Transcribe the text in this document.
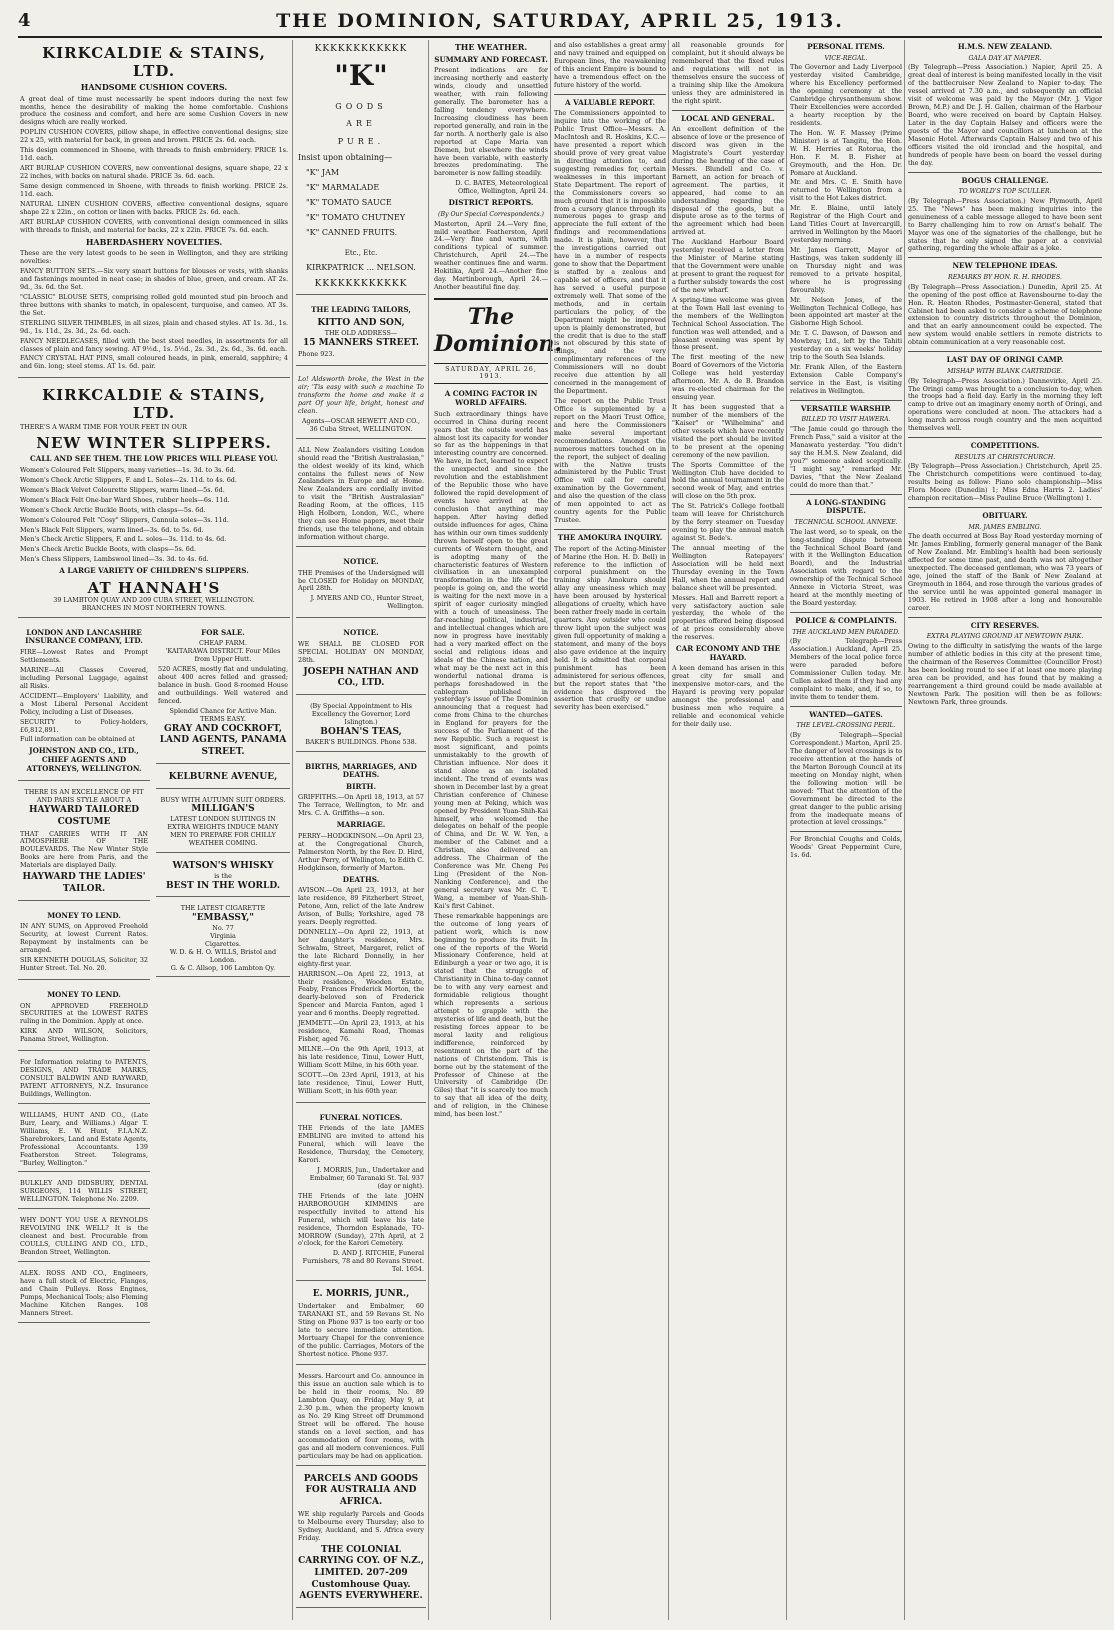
4	THE DOMINION, SATURDAY, APRIL 25, 1913.
KIRKCALDIE & STAINS, LTD.
HANDSOME CUSHION COVERS.
A great deal of time must necessarily be spent indoors during the next few months, hence the desirability of making the home comfortable. Cushions produce the cosiness and comfort, and here are some Cushion Covers in new designs which are really worked.
POPLIN CUSHION COVERS, pillow shape, in effective conventional designs; size 22 x 25, with material for back, in green and brown. PRICE 2s. 6d. each.
This design commenced in Shoene, with threads to finish embroidery. PRICE 1s. 11d. each.
ART BURLAP CUSHION COVERS, new conventional designs, square shape, 22 x 22 inches, with backs on natural shade. PRICE 3s. 6d. each.
Same design commenced in Shoene, with threads to finish working. PRICE 2s. 11d. each.
NATURAL LINEN CUSHION COVERS, effective conventional designs, square shape 22 x 22in., on cotton or linen with backs. PRICE 2s. 6d. each.
ART BURLAP CUSHION COVERS, with conventional design commenced in silks with threads to finish, and material for backs, 22 x 22in. PRICE 7s. 6d. each.
HABERDASHERY NOVELTIES.
These are the very latest goods to be seen in Wellington, and they are striking novelties:
FANCY BUTTON SETS.—Six very smart buttons for blouses or vests, with shanks and fastenings mounted in neat case; in shades of blue, green, and cream. AT 2s. 9d., 3s. 6d. the Set.
"CLASSIC" BLOUSE SETS, comprising rolled gold mounted stud pin brooch and three buttons with shanks to match, in opalescent, turquoise, and cameo. AT 3s. the Set.
STERLING SILVER THIMBLES, in all sizes, plain and chased styles. AT 1s. 3d., 1s. 9d., 1s. 11d., 2s. 3d., 2s. 6d. each.
FANCY NEEDLECASES, filled with the best steel needles, in assortments for all classes of plain and fancy sewing. AT 9½d., 1s. 5½d., 2s. 3d., 2s. 6d., 3s. 6d. each.
FANCY CRYSTAL HAT PINS, small coloured heads, in pink, emerald, sapphire; 4 and 6in. long; steel stems. AT 1s. 6d. pair.
KIRKCALDIE & STAINS, LTD.
THERE'S A WARM TIME FOR YOUR FEET IN OUR
NEW WINTER SLIPPERS.
CALL AND SEE THEM. THE LOW PRICES WILL PLEASE YOU.
Women's Coloured Felt Slippers, many varieties—1s. 3d. to 3s. 6d.
Women's Check Arctic Slippers, F. and L. Soles—2s. 11d. to 4s. 6d.
Women's Black Velvet Colourette Slippers, warm lined—5s. 6d.
Women's Black Felt One-bar Ward Shoes, rubber heels—6s. 11d.
Women's Check Arctic Buckle Boots, with clasps—5s. 6d.
Women's Coloured Felt "Cosy" Slippers, Cannula soles—3s. 11d.
Men's Black Felt Slippers, warm lined—3s. 6d. to 5s. 6d.
Men's Check Arctic Slippers, F. and L. soles—3s. 11d. to 4s. 6d.
Men's Check Arctic Buckle Boots, with clasps—5s. 6d.
Men's Chess Slippers, Lambswool lined—3s. 3d. to 4s. 6d.
A LARGE VARIETY OF CHILDREN'S SLIPPERS.
AT HANNAH'S
39 LAMBTON QUAY AND 209 CUBA STREET, WELLINGTON.
BRANCHES IN MOST NORTHERN TOWNS.
LONDON AND LANCASHIRE INSURANCE COMPANY, LTD.
FIRE—Lowest Rates and Prompt Settlements.
MARINE—All Classes Covered, including Personal Luggage, against all Risks.
ACCIDENT—Employers' Liability, and a Most Liberal Personal Accident Policy, including a List of Diseases.
SECURITY to Policy-holders, £6,812,891.
Full information can be obtained at
JOHNSTON AND CO., LTD., CHIEF AGENTS AND ATTORNEYS, WELLINGTON.
THERE IS AN EXCELLENCE OF FIT AND PARIS STYLE ABOUT A
HAYWARD TAILORED COSTUME
THAT CARRIES WITH IT AN ATMOSPHERE OF THE BOULEVARDS. The New Winter Style Books are here from Paris, and the Materials are displayed Daily.
HAYWARD THE LADIES' TAILOR.
MONEY TO LEND.
IN ANY SUMS, on Approved Freehold Security, at lowest Current Rates. Repayment by instalments can be arranged.
SIR KENNETH DOUGLAS, Solicitor, 32 Hunter Street. Tel. No. 20.
MONEY TO LEND.
ON APPROVED FREEHOLD SECURITIES at the LOWEST RATES ruling in the Dominion. Apply at once.
KIRK AND WILSON, Solicitors, Panama Street, Wellington.
For Information relating to PATENTS, DESIGNS, AND TRADE MARKS, CONSULT BALDWIN AND RAYWARD, PATENT ATTORNEYS, N.Z. Insurance Buildings, Wellington.
WILLIAMS, HUNT AND CO., (Late Burr, Leary, and Williams.) Algar T. Williams, E. W. Hunt, F.I.A.N.Z. Sharebrokers, Land and Estate Agents, Professional Accountants. 139 Featherston Street. Telegrams, "Burley, Wellington."
BULKLEY AND DIDSBURY, DENTAL SURGEONS, 114 WILLIS STREET, WELLINGTON. Telephone No. 2209.
WHY DON'T YOU USE A REYNOLDS REVOLVING INK WELL? It is the cleanest and best. Procurable from COULLS, CULLING AND CO., LTD., Brandon Street, Wellington.
ALEX. ROSS AND CO., Engineers, have a full stock of Electric, Flanges, and Chain Pulleys. Ross Engines, Pumps, Mechanical Tools; also Fleming Machine Kitchen Ranges. 108 Manners Street.
FOR SALE.
CHEAP FARM.
'KAITARAWA DISTRICT. Four Miles from Upper Hutt.
520 ACRES, mostly flat and undulating, about 400 acres felled and grassed; balance in bush. Good 8-roomed House and outbuildings. Well watered and fenced.
Splendid Chance for Active Man.
TERMS EASY.
GRAY AND COCKROFT, LAND AGENTS, PANAMA STREET.
KELBURNE AVENUE,
BUSY WITH AUTUMN SUIT ORDERS.
MILLIGAN'S
LATEST LONDON SUITINGS IN
EXTRA WEIGHTS INDUCE MANY
MEN TO PREPARE FOR CHILLY
WEATHER COMING.
WATSON'S WHISKY
is the
BEST IN THE WORLD.
THE LATEST CIGARETTE
"EMBASSY,"
No. 77
Virginia
Cigarettes.
W. D. & H. O. WILLS, Bristol and London.
G. & C. Allsop, 106 Lambton Qy.
KKKKKKKKKKKK
"K"
GOODS
ARE
PURE.
Insist upon obtaining—
"K" JAM
"K" MARMALADE
"K" TOMATO SAUCE
"K" TOMATO CHUTNEY
"K" CANNED FRUITS.
Etc., Etc.
KIRKPATRICK ... NELSON.
KKKKKKKKKKKK
THE LEADING TAILORS,
KITTO AND SON,
THE OLD ADDRESS—
15 MANNERS STREET.
Phone 923.
Lo! Aldsworth broke, the West in the air; 'Tis easy with such a machine To transform the home and make it a part Of your life, bright, honest and clean.
Agents—OSCAR HEWETT AND CO., 36 Cuba Street, WELLINGTON.
ALL New Zealanders visiting London should read the "British Australasian," the oldest weekly of its kind, which contains the fullest news of New Zealanders in Europe and at Home. New Zealanders are cordially invited to visit the "British Australasian" Reading Room, at the offices, 115 High Holborn, London, W.C., where they can see Home papers, meet their friends, use the telephone, and obtain information without charge.
NOTICE.
THE Premises of the Undersigned will be CLOSED for Holiday on MONDAY, April 28th.
J. MYERS AND CO., Hunter Street, Wellington.
NOTICE.
WE SHALL BE CLOSED FOR SPECIAL HOLIDAY ON MONDAY, 28th.
JOSEPH NATHAN AND CO., LTD.
(By Special Appointment to His Excellency the Governor, Lord Islington.)
BOHAN'S TEAS,
BAKER'S BUILDINGS. Phone 538.
BIRTHS, MARRIAGES, AND DEATHS.
BIRTH.
GRIFFITHS.—On April 18, 1913, at 57 The Terrace, Wellington, to Mr. and Mrs. C. A. Griffiths—a son.
MARRIAGE.
PERRY—HODGKINSON.—On April 23, at the Congregational Church, Palmerston North, by the Rev. D. Hird, Arthur Perry, of Wellington, to Edith C. Hodgkinson, formerly of Marton.
DEATHS.
AVISON.—On April 23, 1913, at her late residence, 89 Fitzherbert Street, Petone, Ann, relict of the late Andrew Avison, of Bulls; Yorkshire, aged 78 years. Deeply regretted.
DONNELLY.—On April 22, 1913, at her daughter's residence, Mrs. Schwalm, Street, Margaret, relict of the late Richard Donnelly, in her eighty-first year.
HARRISON.—On April 22, 1913, at their residence, Wooden Estate, Feaby, Frances Frederick Morton, the dearly-beloved son of Frederick Spencer and Marcia Fanton, aged 1 year and 6 months. Deeply regretted.
JEMMETT.—On April 23, 1913, at his residence, Kamahi Road, Thomas Fisher, aged 76.
MILNE.—On the 9th April, 1913, at his late residence, Tinui, Lower Hutt, William Scott Milne, in his 60th year.
SCOTT.—On 23rd April, 1913, at his late residence, Tinui, Lower Hutt, William Scott, in his 60th year.
FUNERAL NOTICES.
THE Friends of the late JAMES EMBLING are invited to attend his Funeral, which will leave the Residence, Thursday, the Cemetery, Karori.
J. MORRIS, Jun., Undertaker and Embalmer, 60 Taranaki St. Tel. 937 (day or night).
THE Friends of the late JOHN HARBOROUGH KIMMINS are respectfully invited to attend his Funeral, which will leave his late residence, Thorndon Esplanade, TO-MORROW (Sunday), 27th April, at 2 o'clock, for the Karori Cemetery.
D. AND J. RITCHIE, Funeral Furnishers, 78 and 80 Revans Street. Tel. 1654.
E. MORRIS, JUNR.,
Undertaker and Embalmer, 60 TARANAKI ST., and 59 Revans St. No Sting on Phone 937 is too early or too late to secure immediate attention. Mortuary Chapel for the convenience of the public. Carriages, Motors of the Shortest notice. Phone 937.
Messrs. Harcourt and Co. announce in this issue an auction sale which is to be held in their rooms, No. 89 Lambton Quay, on Friday, May 9, at 2.30 p.m., when the property known as No. 29 King Street off Drummond Street will be offered. The house stands on a level section, and has accommodation of four rooms, with gas and all modern conveniences. Full particulars may be had on application.
PARCELS AND GOODS FOR AUSTRALIA AND AFRICA.
WE ship regularly Parcels and Goods to Melbourne every Thursday; also to Sydney, Auckland, and S. Africa every Friday.
THE COLONIAL CARRYING COY. OF N.Z., LIMITED. 207-209 Customhouse Quay. AGENTS EVERYWHERE.
THE WEATHER.
SUMMARY AND FORECAST.
Present indications are for increasing northerly and easterly winds, cloudy and unsettled weather, with rain following generally. The barometer has a falling tendency everywhere. Increasing cloudiness has been reported generally, and rain in the far north. A northerly gale is also reported at Cape Maria van Diemen, but elsewhere the winds have been variable, with easterly breezes predominating. The barometer is now falling steadily.
D. C. BATES, Meteorological Office, Wellington, April 24.
DISTRICT REPORTS.
(By Our Special Correspondents.)
Masterton, April 24.—Very fine, mild weather. Featherston, April 24.—Very fine and warm, with conditions typical of summer. Christchurch, April 24.—The weather continues fine and warm. Hokitika, April 24.—Another fine day. Martinborough, April 24.—Another beautiful fine day.
The Dominion.
SATURDAY, APRIL 26, 1913.
A COMING FACTOR IN WORLD AFFAIRS.
Such extraordinary things have occurred in China during recent years that the outside world has almost lost its capacity for wonder so far as the happenings in that interesting country are concerned. We have, in fact, learned to expect the unexpected and since the revolution and the establishment of the Republic those who have followed the rapid development of events have arrived at the conclusion that anything may happen. After having defied outside influences for ages, China has within our own times suddenly thrown herself open to the great currents of Western thought, and is adopting many of the characteristic features of Western civilisation in an unexampled transformation in the life of the people is going on, and the world is waiting for the next move in a spirit of eager curiosity mingled with a touch of uneasiness. The far-reaching political, industrial, and intellectual changes which are now in progress have inevitably had a very marked effect on the social and religious ideas and ideals of the Chinese nation, and what may be the next act in this wonderful national drama is perhaps foreshadowed in the cablegram published in yesterday's issue of The Dominion announcing that a request had come from China to the churches in England for prayers for the success of the Parliament of the new Republic. Such a request is most significant, and points unmistakably to the growth of Christian influence. Nor does it stand alone as an isolated incident. The trend of events was shown in December last by a great Christian conference of Chinese young men at Peking, which was opened by President Yuan-Shih-Kai himself, who welcomed the delegates on behalf of the people of China, and Dr. W. W. Yen, a member of the Cabinet and a Christian, also delivered an address. The Chairman of the Conference was Mr. Cheng Pei Ling (President of the Non-Nanking Conference), and the general secretary was Mr. C. T. Wang, a member of Yuan-Shih-Kai's first Cabinet.
These remarkable happenings are the outcome of long years of patient work, which is now beginning to produce its fruit. In one of the reports of the World Missionary Conference, held at Edinburgh a year or two ago, it is stated that the struggle of Christianity in China to-day cannot be to with any very earnest and formidable religious thought which represents a serious attempt to grapple with the mysteries of life and death, but the resisting forces appear to be moral laxity and religious indifference, reinforced by resentment on the part of the nations of Christendom. This is borne out by the statement of the Professor of Chinese at the University of Cambridge (Dr. Giles) that "it is scarcely too much to say that all idea of the deity, and of religion, in the Chinese mind, has been lost."
and also establishes a great army and navy trained and equipped on European lines, the reawakening of this ancient Empire is bound to have a tremendous effect on the future history of the world.
A VALUABLE REPORT.
The Commissioners appointed to inquire into the working of the Public Trust Office—Messrs. A. MacIntosh and R. Hoskins, K.C.—have presented a report which should prove of very great value in directing attention to, and suggesting remedies for, certain weaknesses in this important State Department. The report of the Commissioners covers so much ground that it is impossible from a cursory glance through its numerous pages to grasp and appreciate the full extent of the findings and recommendations made. It is plain, however, that the investigations carried out have in a number of respects gone to show that the Department is staffed by a zealous and capable set of officers, and that it has served a useful purpose extremely well. That some of the methods, and in certain particulars the policy, of the Department might be improved upon is plainly demonstrated, but the credit that is due to the staff is not obscured by this state of things, and the very complimentary references of the Commissioners will no doubt receive due attention by all concerned in the management of the Department.
The report on the Public Trust Office is supplemented by a report on the Maori Trust Office, and here the Commissioners make several important recommendations. Amongst the numerous matters touched on in the report, the subject of dealing with the Native trusts administered by the Public Trust Office will call for careful examination by the Government, and also the question of the class of men appointed to act as country agents for the Public Trustee.
THE AMOKURA INQUIRY.
The report of the Acting-Minister of Marine (the Hon. H. D. Bell) in reference to the infliction of corporal punishment on the training ship Amokura should allay any uneasiness which may have been aroused by hysterical allegations of cruelty, which have been rather freely made in certain quarters. Any outsider who could throw light upon the subject was given full opportunity of making a statement, and many of the boys also gave evidence at the inquiry held. It is admitted that corporal punishment has been administered for serious offences, but the report states that "the evidence has disproved the assertion that cruelty or undue severity has been exercised."
all reasonable grounds for complaint, but it should always be remembered that the fixed rules and regulations will not in themselves ensure the success of a training ship like the Amokura unless they are administered in the right spirit.
LOCAL AND GENERAL.
An excellent definition of the absence of love or the presence of discord was given in the Magistrate's Court yesterday during the hearing of the case of Messrs. Blundell and Co. v. Barnett, an action for breach of agreement. The parties, it appeared, had come to an understanding regarding the disposal of the goods, but a dispute arose as to the terms of the agreement which had been arrived at.
The Auckland Harbour Board yesterday received a letter from the Minister of Marine stating that the Government were unable at present to grant the request for a further subsidy towards the cost of the new wharf.
A spring-time welcome was given at the Town Hall last evening to the members of the Wellington Technical School Association. The function was well attended, and a pleasant evening was spent by those present.
The first meeting of the new Board of Governors of the Victoria College was held yesterday afternoon. Mr. A. de B. Brandon was re-elected chairman for the ensuing year.
It has been suggested that a number of the members of the "Kaiser" or "Wilhelmina" and other vessels which have recently visited the port should be invited to be present at the opening ceremony of the new pavilion.
The Sports Committee of the Wellington Club have decided to hold the annual tournament in the second week of May, and entries will close on the 5th prox.
The St. Patrick's College football team will leave for Christchurch by the ferry steamer on Tuesday evening to play the annual match against St. Bede's.
The annual meeting of the Wellington Ratepayers' Association will be held next Thursday evening in the Town Hall, when the annual report and balance sheet will be presented.
Messrs. Hall and Barrett report a very satisfactory auction sale yesterday, the whole of the properties offered being disposed of at prices considerably above the reserves.
CAR ECONOMY AND THE HAYARD.
A keen demand has arisen in this great city for small and inexpensive motor-cars, and the Hayard is proving very popular amongst the professional and business men who require a reliable and economical vehicle for their daily use.
PERSONAL ITEMS.
VICE-REGAL.
The Governor and Lady Liverpool yesterday visited Cambridge, where his Excellency performed the opening ceremony at the Cambridge chrysanthemum show. Their Excellencies were accorded a hearty reception by the residents.
The Hon. W. F. Massey (Prime Minister) is at Tangitu, the Hon. W. H. Herries at Rotorua, the Hon. F. M. B. Fisher at Greymouth, and the Hon. Dr. Pomare at Auckland.
Mr. and Mrs. C. E. Smith have returned to Wellington from a visit to the Hot Lakes district.
Mr. E. Blaine, until lately Registrar of the High Court and Land Titles Court at Invercargill, arrived in Wellington by the Maori yesterday morning.
Mr. James Garrett, Mayor of Hastings, was taken suddenly ill on Thursday night and was removed to a private hospital, where he is progressing favourably.
Mr. Nelson Jones, of the Wellington Technical College, has been appointed art master at the Gisborne High School.
Mr. T. C. Dawson, of Dawson and Mowbray, Ltd., left by the Tahiti yesterday on a six weeks' holiday trip to the South Sea Islands.
Mr. Frank Allen, of the Eastern Extension Cable Company's service in the East, is visiting relatives in Wellington.
VERSATILE WARSHIP.
BILLED TO VISIT HAWERA.
"The Jamie could go through the French Pass," said a visitor at the Manawatu yesterday. "You didn't say the H.M.S. New Zealand, did you?" someone asked sceptically. "I might say," remarked Mr. Davies, "that the New Zealand could do more than that."
A LONG-STANDING DISPUTE.
TECHNICAL SCHOOL ANNEXE.
The last word, so to speak, on the long-standing dispute between the Technical School Board (and with it the Wellington Education Board), and the Industrial Association with regard to the ownership of the Technical School Annexe in Victoria Street, was heard at the monthly meeting of the Board yesterday.
POLICE & COMPLAINTS.
THE AUCKLAND MEN PARADED.
(By Telegraph—Press Association.) Auckland, April 25. Members of the local police force were paraded before Commissioner Cullen today. Mr. Cullen asked them if they had any complaint to make, and, if so, to invite them to tender them.
WANTED—GATES.
THE LEVEL-CROSSING PERIL.
(By Telegraph—Special Correspondent.) Marton, April 25. The danger of level crossings is to receive attention at the hands of the Marton Borough Council at its meeting on Monday night, when the following motion will be moved: "That the attention of the Government be directed to the great danger to the public arising from the inadequate means of protection at level crossings."
For Bronchial Coughs and Colds, Woods' Great Peppermint Cure, 1s. 6d.
H.M.S. NEW ZEALAND.
GALA DAY AT NAPIER.
(By Telegraph—Press Association.) Napier, April 25. A great deal of interest is being manifested locally in the visit of the battlecruiser New Zealand to Napier to-day. The vessel arrived at 7.30 a.m., and subsequently an official visit of welcome was paid by the Mayor (Mr. J. Vigor Brown, M.P.) and Dr. J. H. Gallen, chairman of the Harbour Board, who were received on board by Captain Halsey. Later in the day Captain Halsey and officers were the guests of the Mayor and councillors at luncheon at the Masonic Hotel. Afterwards Captain Halsey and two of his officers visited the old ironclad and the hospital, and hundreds of people have been on board the vessel during the day.
BOGUS CHALLENGE.
TO WORLD'S TOP SCULLER.
(By Telegraph—Press Association.) New Plymouth, April 25. The "News" has been making inquiries into the genuineness of a cable message alleged to have been sent to Barry challenging him to row on Arnst's behalf. The Mayor was one of the signatories of the challenge, but he states that he only signed the paper at a convivial gathering, regarding the whole affair as a joke.
NEW TELEPHONE IDEAS.
REMARKS BY HON. R. H. RHODES.
(By Telegraph—Press Association.) Dunedin, April 25. At the opening of the post office at Ravensbourne to-day the Hon. R. Heaton Rhodes, Postmaster-General, stated that Cabinet had been asked to consider a scheme of telephone extension to country districts throughout the Dominion, and that an early announcement could be expected. The new system would enable settlers in remote districts to obtain communication at a very reasonable cost.
LAST DAY OF ORINGI CAMP.
MISHAP WITH BLANK CARTRIDGE.
(By Telegraph—Press Association.) Dannevirke, April 25. The Oringi camp was brought to a conclusion to-day, when the troops had a field day. Early in the morning they left camp to drive out an imaginary enemy north of Oringi, and operations were concluded at noon. The attackers had a long march across rough country and the men acquitted themselves well.
COMPETITIONS.
RESULTS AT CHRISTCHURCH.
(By Telegraph—Press Association.) Christchurch, April 25. The Christchurch competitions were continued to-day, results being as follow: Piano solo championship—Miss Flora Moore (Dunedin) 1; Miss Edna Harris 2. Ladies' champion recitation—Miss Pauline Bruce (Wellington) 1.
OBITUARY.
MR. JAMES EMBLING.
The death occurred at Boss Bay Road yesterday morning of Mr. James Embling, formerly general manager of the Bank of New Zealand. Mr. Embling's health had been seriously affected for some time past, and death was not altogether unexpected. The deceased gentleman, who was 73 years of age, joined the staff of the Bank of New Zealand at Greymouth in 1864, and rose through the various grades of the service until he was appointed general manager in 1903. He retired in 1908 after a long and honourable career.
CITY RESERVES.
EXTRA PLAYING GROUND AT NEWTOWN PARK.
Owing to the difficulty in satisfying the wants of the large number of athletic bodies in this city at the present time, the chairman of the Reserves Committee (Councillor Frost) has been looking round to see if at least one more playing area can be provided, and has found that by making a rearrangement a third ground could be made available at Newtown Park. The position will then be as follows: Newtown Park, three grounds.
